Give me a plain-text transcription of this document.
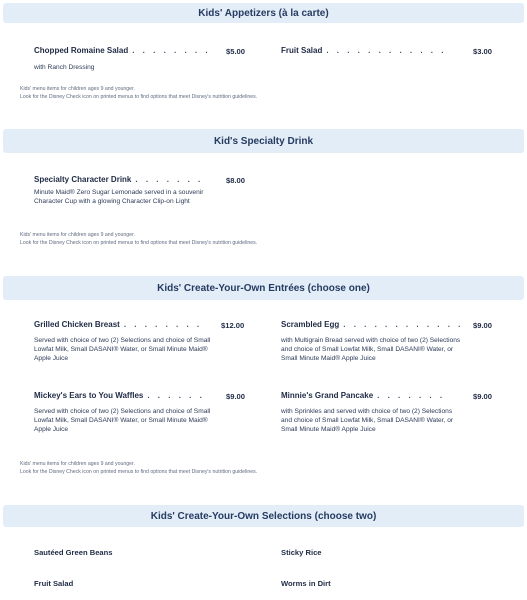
Kids' Appetizers (à la carte)
Chopped Romaine Salad . . . . . . . . $5.00
with Ranch Dressing
Fruit Salad . . . . . . . . . . . .	$3.00
Kids' menu items for children ages 9 and younger.
Look for the Disney Check icon on printed menus to find options that meet Disney's nutrition guidelines.
Kid's Specialty Drink
Specialty Character Drink . . . . . . .	$8.00
Minute Maid® Zero Sugar Lemonade served in a souvenir Character Cup with a glowing Character Clip-on Light
Kids' menu items for children ages 9 and younger.
Look for the Disney Check icon on printed menus to find options that meet Disney's nutrition guidelines.
Kids' Create-Your-Own Entrées (choose one)
Grilled Chicken Breast . . . . . . . . $12.00
Served with choice of two (2) Selections and choice of Small Lowfat Milk, Small DASANI® Water, or Small Minute Maid® Apple Juice
Scrambled Egg . . . . . . . . . . . . $9.00
with Multigrain Bread served with choice of two (2) Selections and choice of Small Lowfat Milk, Small DASANI® Water, or Small Minute Maid® Apple Juice
Mickey's Ears to You Waffles . . . . . .	$9.00
Served with choice of two (2) Selections and choice of Small Lowfat Milk, Small DASANI® Water, or Small Minute Maid® Apple Juice
Minnie's Grand Pancake . . . . . . .	$9.00
with Sprinkles and served with choice of two (2) Selections and choice of Small Lowfat Milk, Small DASANI® Water, or Small Minute Maid® Apple Juice
Kids' menu items for children ages 9 and younger.
Look for the Disney Check icon on printed menus to find options that meet Disney's nutrition guidelines.
Kids' Create-Your-Own Selections (choose two)
Sautéed Green Beans	Sticky Rice
Fruit Salad	Worms in Dirt
